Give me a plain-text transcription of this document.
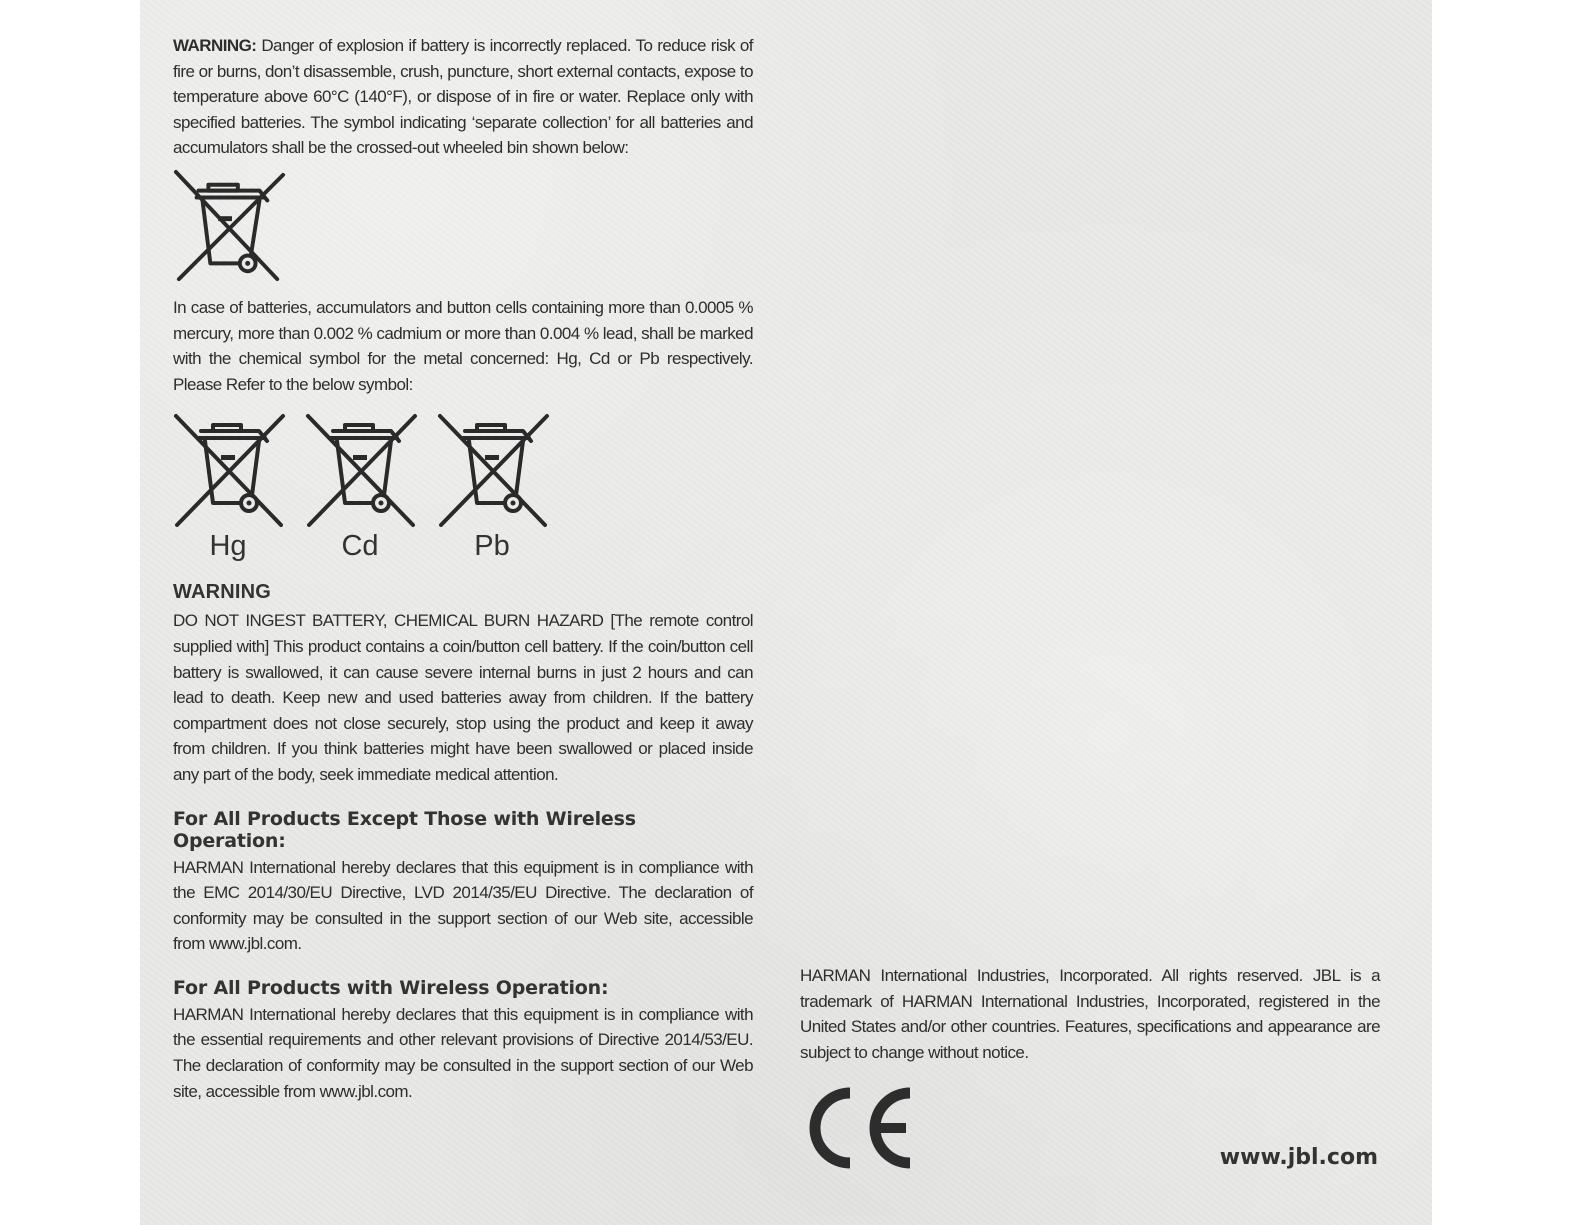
WARNING: Danger of explosion if battery is incorrectly replaced. To reduce risk of fire or burns, don’t disassemble, crush, puncture, short external contacts, expose to temperature above 60°C (140°F), or dispose of in fire or water. Replace only with specified batteries. The symbol indicating ‘separate collection’ for all batteries and accumulators shall be the crossed-out wheeled bin shown below:

In case of batteries, accumulators and button cells containing more than 0.0005 % mercury, more than 0.002 % cadmium or more than 0.004 % lead, shall be marked with the chemical symbol for the metal concerned: Hg, Cd or Pb respectively. Please Refer to the below symbol:

Hg	Cd	Pb
WARNING

DO NOT INGEST BATTERY, CHEMICAL BURN HAZARD [The remote control supplied with] This product contains a coin/button cell battery. If the coin/button cell battery is swallowed, it can cause severe internal burns in just 2 hours and can lead to death. Keep new and used batteries away from children. If the battery compartment does not close securely, stop using the product and keep it away from children. If you think batteries might have been swallowed or placed inside any part of the body, seek immediate medical attention.

For All Products Except Those with Wireless Operation:

HARMAN International hereby declares that this equipment is in compliance with the EMC 2014/30/EU Directive, LVD 2014/35/EU Directive. The declaration of conformity may be consulted in the support section of our Web site, accessible from www.jbl.com.

For All Products with Wireless Operation:

HARMAN International hereby declares that this equipment is in compliance with the essential requirements and other relevant provisions of Directive 2014/53/EU. The declaration of conformity may be consulted in the support section of our Web site, accessible from www.jbl.com.

HARMAN International Industries, Incorporated. All rights reserved. JBL is a trademark of HARMAN International Industries, Incorporated, registered in the United States and/or other countries. Features, specifications and appearance are subject to change without notice.

www.jbl.com
